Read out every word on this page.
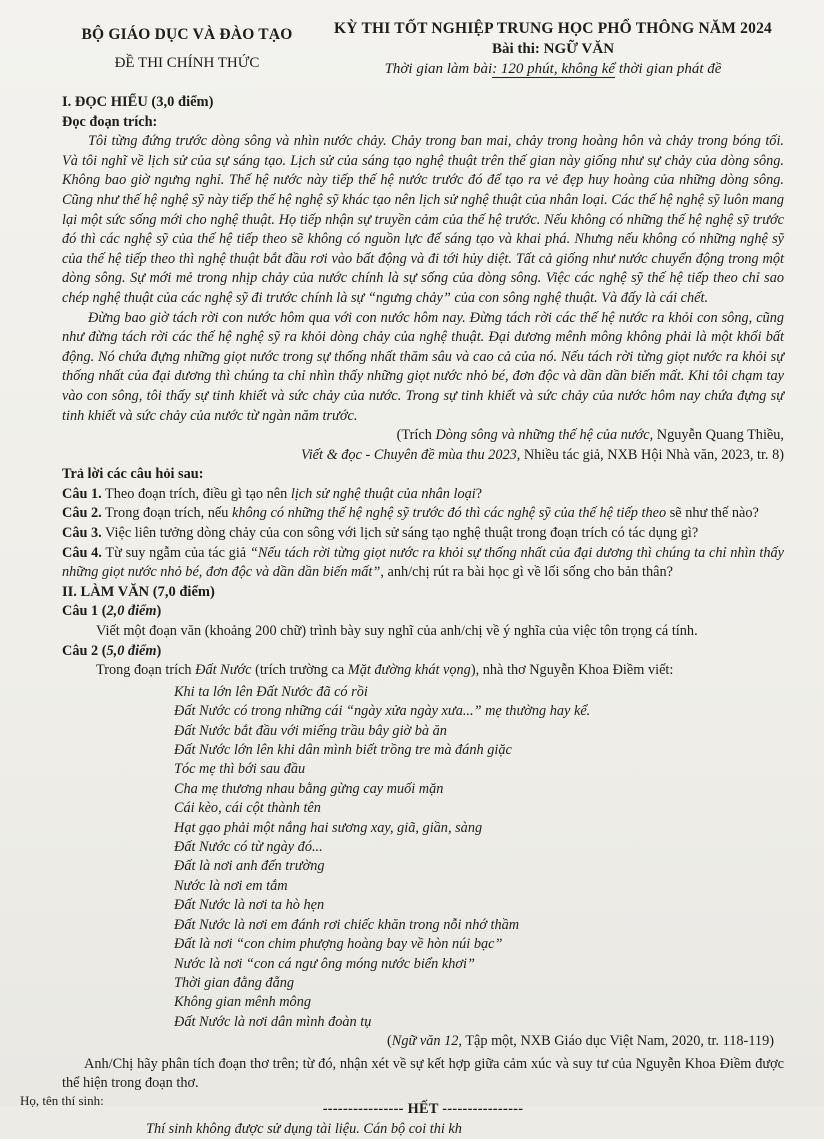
BỘ GIÁO DỤC VÀ ĐÀO TẠO
ĐỀ THI CHÍNH THỨC
KỲ THI TỐT NGHIỆP TRUNG HỌC PHỔ THÔNG NĂM 2024
Bài thi: NGỮ VĂN
Thời gian làm bài: 120 phút, không kể thời gian phát đề
I. ĐỌC HIỂU (3,0 điểm)
Đọc đoạn trích:

Tôi từng đứng trước dòng sông và nhìn nước chảy. Chảy trong ban mai, chảy trong hoàng hôn và chảy trong bóng tối. Và tôi nghĩ về lịch sử của sự sáng tạo. Lịch sử của sáng tạo nghệ thuật trên thế gian này giống như sự chảy của dòng sông. Không bao giờ ngưng nghỉ. Thế hệ nước này tiếp thế hệ nước trước đó để tạo ra vẻ đẹp huy hoàng của những dòng sông. Cũng như thế hệ nghệ sỹ này tiếp thế hệ nghệ sỹ khác tạo nên lịch sử nghệ thuật của nhân loại. Các thế hệ nghệ sỹ luôn mang lại một sức sống mới cho nghệ thuật. Họ tiếp nhận sự truyền cảm của thế hệ trước. Nếu không có những thế hệ nghệ sỹ trước đó thì các nghệ sỹ của thế hệ tiếp theo sẽ không có nguồn lực để sáng tạo và khai phá. Nhưng nếu không có những nghệ sỹ của thế hệ tiếp theo thì nghệ thuật bắt đầu rơi vào bất động và đi tới hủy diệt. Tất cả giống như nước chuyển động trong một dòng sông. Sự mới mẻ trong nhịp chảy của nước chính là sự sống của dòng sông. Việc các nghệ sỹ thế hệ tiếp theo chỉ sao chép nghệ thuật của các nghệ sỹ đi trước chính là sự “ngưng chảy” của con sông nghệ thuật. Và đấy là cái chết.

Đừng bao giờ tách rời con nước hôm qua với con nước hôm nay. Đừng tách rời các thế hệ nước ra khỏi con sông, cũng như đừng tách rời các thế hệ nghệ sỹ ra khỏi dòng chảy của nghệ thuật. Đại dương mênh mông không phải là một khối bất động. Nó chứa đựng những giọt nước trong sự thống nhất thăm sâu và cao cả của nó. Nếu tách rời từng giọt nước ra khỏi sự thống nhất của đại dương thì chúng ta chỉ nhìn thấy những giọt nước nhỏ bé, đơn độc và dần dần biến mất. Khi tôi chạm tay vào con sông, tôi thấy sự tinh khiết và sức chảy của nước. Trong sự tinh khiết và sức chảy của nước hôm nay chứa đựng sự tinh khiết và sức chảy của nước từ ngàn năm trước.

(Trích Dòng sông và những thế hệ của nước, Nguyễn Quang Thiều,
Viết & đọc - Chuyên đề mùa thu 2023, Nhiều tác giả, NXB Hội Nhà văn, 2023, tr. 8)
Trả lời các câu hỏi sau:

Câu 1. Theo đoạn trích, điều gì tạo nên lịch sử nghệ thuật của nhân loại?

Câu 2. Trong đoạn trích, nếu không có những thế hệ nghệ sỹ trước đó thì các nghệ sỹ của thế hệ tiếp theo sẽ như thế nào?

Câu 3. Việc liên tưởng dòng chảy của con sông với lịch sử sáng tạo nghệ thuật trong đoạn trích có tác dụng gì?

Câu 4. Từ suy ngẫm của tác giả “Nếu tách rời từng giọt nước ra khỏi sự thống nhất của đại dương thì chúng ta chỉ nhìn thấy những giọt nước nhỏ bé, đơn độc và dần dần biến mất”, anh/chị rút ra bài học gì về lối sống cho bản thân?

II. LÀM VĂN (7,0 điểm)
Câu 1 (2,0 điểm)

Viết một đoạn văn (khoảng 200 chữ) trình bày suy nghĩ của anh/chị về ý nghĩa của việc tôn trọng cá tính.

Câu 2 (5,0 điểm)

Trong đoạn trích Đất Nước (trích trường ca Mặt đường khát vọng), nhà thơ Nguyễn Khoa Điềm viết:

Khi ta lớn lên Đất Nước đã có rồi
Đất Nước có trong những cái “ngày xửa ngày xưa...” mẹ thường hay kể.
Đất Nước bắt đầu với miếng trầu bây giờ bà ăn
Đất Nước lớn lên khi dân mình biết trồng tre mà đánh giặc
Tóc mẹ thì bới sau đầu
Cha mẹ thương nhau bằng gừng cay muối mặn
Cái kèo, cái cột thành tên
Hạt gạo phải một nắng hai sương xay, giã, giần, sàng
Đất Nước có từ ngày đó...
Đất là nơi anh đến trường
Nước là nơi em tắm
Đất Nước là nơi ta hò hẹn
Đất Nước là nơi em đánh rơi chiếc khăn trong nỗi nhớ thầm
Đất là nơi “con chim phượng hoàng bay về hòn núi bạc”
Nước là nơi “con cá ngư ông móng nước biển khơi”
Thời gian đằng đẵng
Không gian mênh mông
Đất Nước là nơi dân mình đoàn tụ
(Ngữ văn 12, Tập một, NXB Giáo dục Việt Nam, 2020, tr. 118-119)

Anh/Chị hãy phân tích đoạn thơ trên; từ đó, nhận xét về sự kết hợp giữa cảm xúc và suy tư của Nguyễn Khoa Điềm được thể hiện trong đoạn thơ.

---------------- HẾT ----------------
Thí sinh không được sử dụng tài liệu. Cán bộ coi thi kh
Họ, tên thí sinh:
